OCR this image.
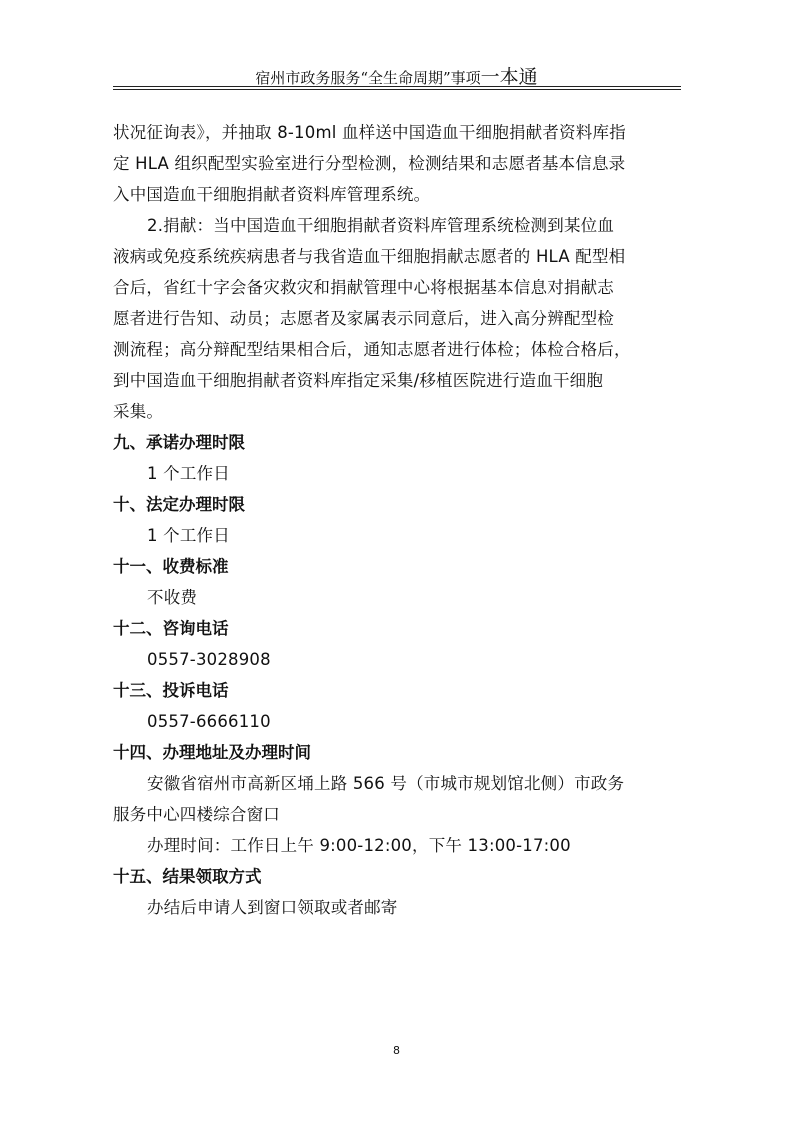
宿州市政务服务“全生命周期”事项一本通

状况征询表》，并抽取 8-10ml 血样送中国造血干细胞捐献者资料库指

定 HLA 组织配型实验室进行分型检测，检测结果和志愿者基本信息录

入中国造血干细胞捐献者资料库管理系统。

2.捐献：当中国造血干细胞捐献者资料库管理系统检测到某位血

液病或免疫系统疾病患者与我省造血干细胞捐献志愿者的 HLA 配型相

合后，省红十字会备灾救灾和捐献管理中心将根据基本信息对捐献志

愿者进行告知、动员；志愿者及家属表示同意后，进入高分辨配型检

测流程；高分辩配型结果相合后，通知志愿者进行体检；体检合格后，

到中国造血干细胞捐献者资料库指定采集/移植医院进行造血干细胞

采集。

九、承诺办理时限

1 个工作日

十、法定办理时限

1 个工作日

十一、收费标准

不收费

十二、咨询电话

0557-3028908

十三、投诉电话

0557-6666110

十四、办理地址及办理时间

安徽省宿州市高新区埇上路 566 号（市城市规划馆北侧）市政务

服务中心四楼综合窗口

办理时间：工作日上午 9:00-12:00，下午 13:00-17:00

十五、结果领取方式

办结后申请人到窗口领取或者邮寄

8
